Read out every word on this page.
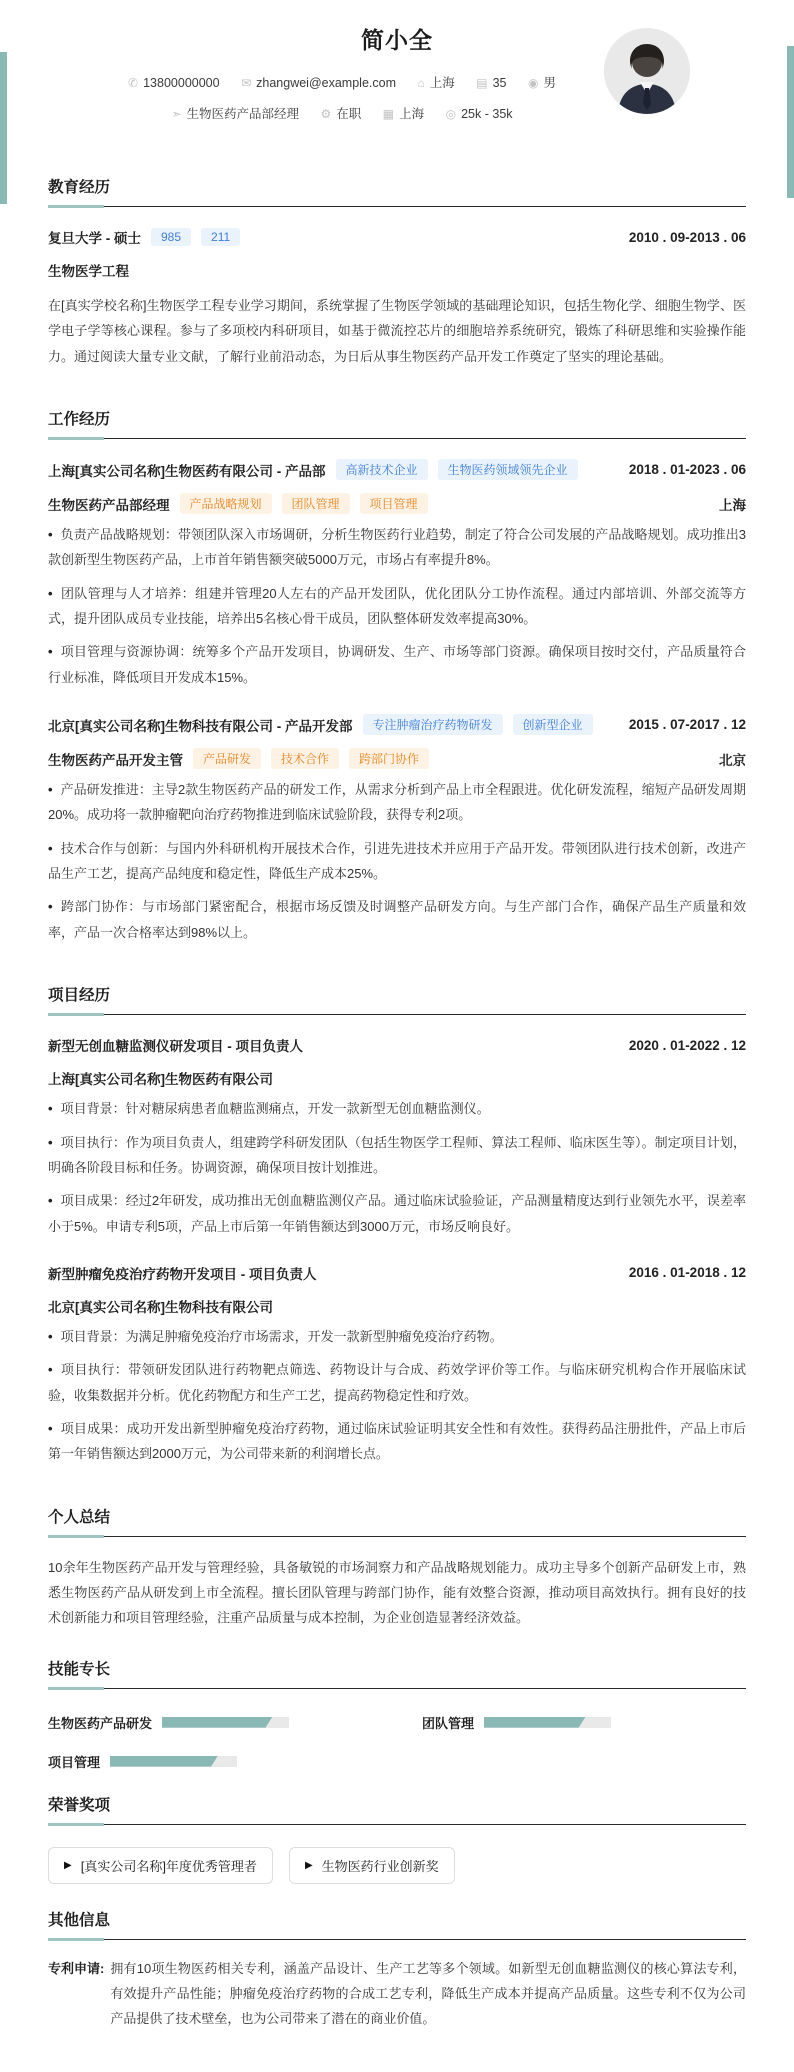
简小全
✆ 13800000000 ✉ zhangwei@example.com ⌂ 上海 ▤ 35 ◉ 男
➣ 生物医药产品部经理 ⚙ 在职 ▦ 上海 ◎ 25k - 35k
教育经历
复旦大学 - 硕士	985	211	2010 . 09-2013 . 06
生物医学工程

在[真实学校名称]生物医学工程专业学习期间，系统掌握了生物医学领域的基础理论知识，包括生物化学、细胞生物学、医学电子学等核心课程。参与了多项校内科研项目，如基于微流控芯片的细胞培养系统研究，锻炼了科研思维和实验操作能力。通过阅读大量专业文献，了解行业前沿动态，为日后从事生物医药产品开发工作奠定了坚实的理论基础。

工作经历
上海[真实公司名称]生物医药有限公司 - 产品部	高新技术企业	生物医药领域领先企业	2018 . 01-2023 . 06
生物医药产品部经理	产品战略规划	团队管理	项目管理	上海

• 负责产品战略规划：带领团队深入市场调研，分析生物医药行业趋势，制定了符合公司发展的产品战略规划。成功推出3款创新型生物医药产品，上市首年销售额突破5000万元，市场占有率提升8%。

• 团队管理与人才培养：组建并管理20人左右的产品开发团队，优化团队分工协作流程。通过内部培训、外部交流等方式，提升团队成员专业技能，培养出5名核心骨干成员，团队整体研发效率提高30%。

• 项目管理与资源协调：统筹多个产品开发项目，协调研发、生产、市场等部门资源。确保项目按时交付，产品质量符合行业标准，降低项目开发成本15%。

北京[真实公司名称]生物科技有限公司 - 产品开发部	专注肿瘤治疗药物研发	创新型企业	2015 . 07-2017 . 12
生物医药产品开发主管	产品研发	技术合作	跨部门协作	北京

• 产品研发推进：主导2款生物医药产品的研发工作，从需求分析到产品上市全程跟进。优化研发流程，缩短产品研发周期20%。成功将一款肿瘤靶向治疗药物推进到临床试验阶段，获得专利2项。

• 技术合作与创新：与国内外科研机构开展技术合作，引进先进技术并应用于产品开发。带领团队进行技术创新，改进产品生产工艺，提高产品纯度和稳定性，降低生产成本25%。

• 跨部门协作：与市场部门紧密配合，根据市场反馈及时调整产品研发方向。与生产部门合作，确保产品生产质量和效率，产品一次合格率达到98%以上。

项目经历
新型无创血糖监测仪研发项目 - 项目负责人	2020 . 01-2022 . 12
上海[真实公司名称]生物医药有限公司

• 项目背景：针对糖尿病患者血糖监测痛点，开发一款新型无创血糖监测仪。

• 项目执行：作为项目负责人，组建跨学科研发团队（包括生物医学工程师、算法工程师、临床医生等）。制定项目计划，明确各阶段目标和任务。协调资源，确保项目按计划推进。

• 项目成果：经过2年研发，成功推出无创血糖监测仪产品。通过临床试验验证，产品测量精度达到行业领先水平，误差率小于5%。申请专利5项，产品上市后第一年销售额达到3000万元，市场反响良好。

新型肿瘤免疫治疗药物开发项目 - 项目负责人	2016 . 01-2018 . 12
北京[真实公司名称]生物科技有限公司

• 项目背景：为满足肿瘤免疫治疗市场需求，开发一款新型肿瘤免疫治疗药物。

• 项目执行：带领研发团队进行药物靶点筛选、药物设计与合成、药效学评价等工作。与临床研究机构合作开展临床试验，收集数据并分析。优化药物配方和生产工艺，提高药物稳定性和疗效。

• 项目成果：成功开发出新型肿瘤免疫治疗药物，通过临床试验证明其安全性和有效性。获得药品注册批件，产品上市后第一年销售额达到2000万元，为公司带来新的利润增长点。

个人总结

10余年生物医药产品开发与管理经验，具备敏锐的市场洞察力和产品战略规划能力。成功主导多个创新产品研发上市，熟悉生物医药产品从研发到上市全流程。擅长团队管理与跨部门协作，能有效整合资源，推动项目高效执行。拥有良好的技术创新能力和项目管理经验，注重产品质量与成本控制，为企业创造显著经济效益。

技能专长
生物医药产品研发	团队管理
项目管理
荣誉奖项
▶ [真实公司名称]年度优秀管理者	▶ 生物医药行业创新奖
其他信息
专利申请: 拥有10项生物医药相关专利，涵盖产品设计、生产工艺等多个领域。如新型无创血糖监测仪的核心算法专利，有效提升产品性能；肿瘤免疫治疗药物的合成工艺专利，降低生产成本并提高产品质量。这些专利不仅为公司产品提供了技术壁垒，也为公司带来了潜在的商业价值。
